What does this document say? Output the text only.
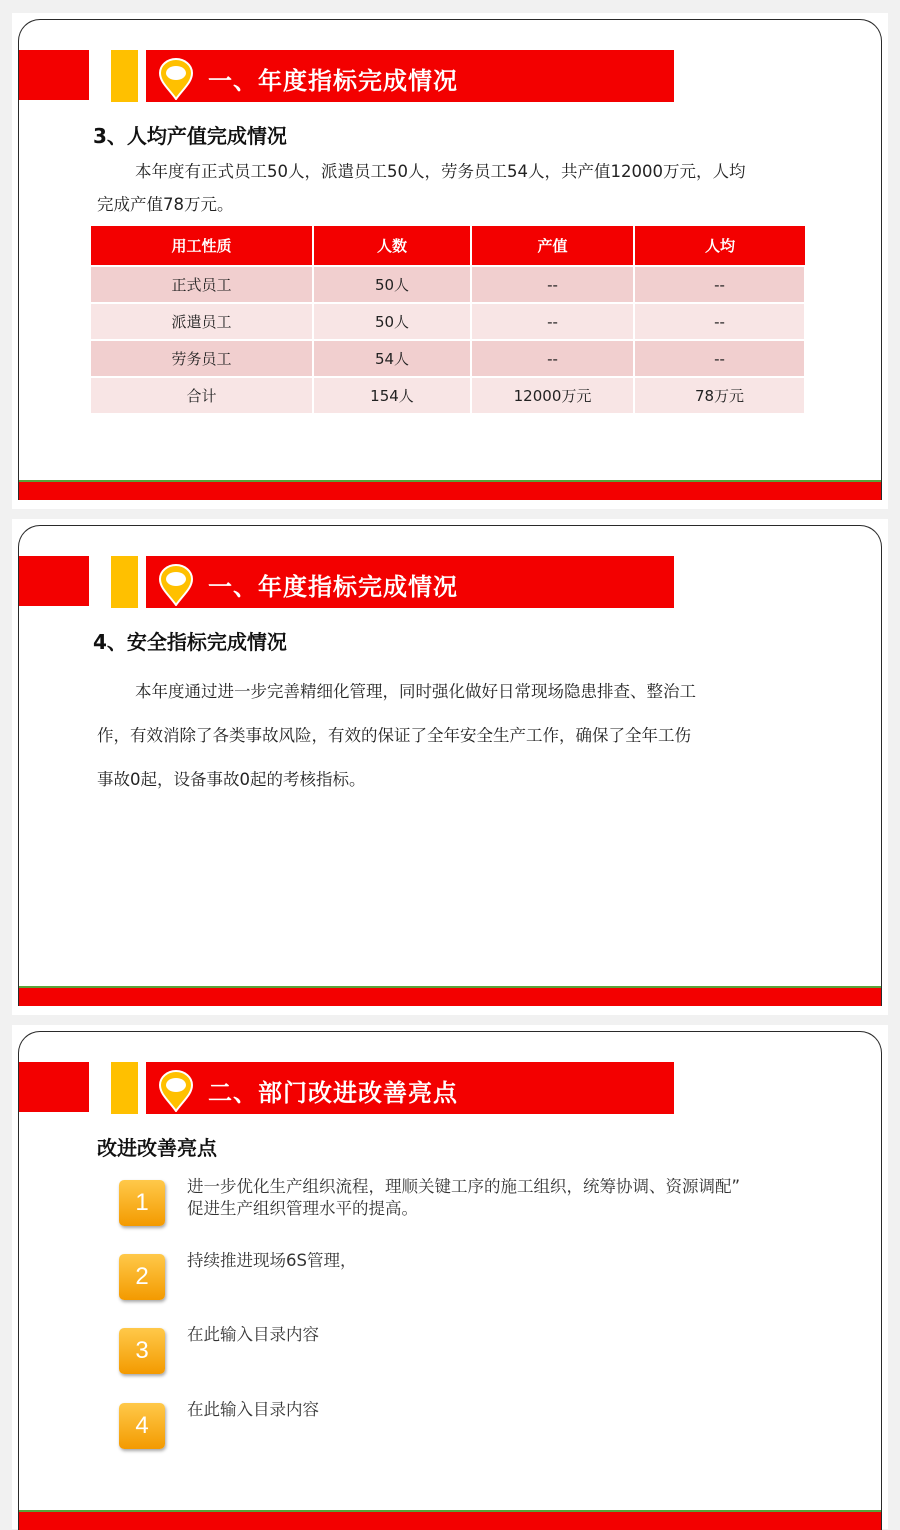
一、年度指标完成情况
3、人均产值完成情况
本年度有正式员工50人，派遣员工50人，劳务员工54人，共产值12000万元，人均
完成产值78万元。
用工性质	人数	产值	人均
正式员工	50人	--	--
派遣员工	50人	--	--
劳务员工	54人	--	--
合计	154人	12000万元	78万元
一、年度指标完成情况
4、安全指标完成情况
本年度通过进一步完善精细化管理，同时强化做好日常现场隐患排查、整治工
作，有效消除了各类事故风险，有效的保证了全年安全生产工作，确保了全年工伤
事故0起，设备事故0起的考核指标。
二、部门改进改善亮点
改进改善亮点
1
进一步优化生产组织流程，理顺关键工序的施工组织，统筹协调、资源调配”
促进生产组织管理水平的提高。
2
持续推进现场6S管理，
3
在此输入目录内容
4
在此输入目录内容
